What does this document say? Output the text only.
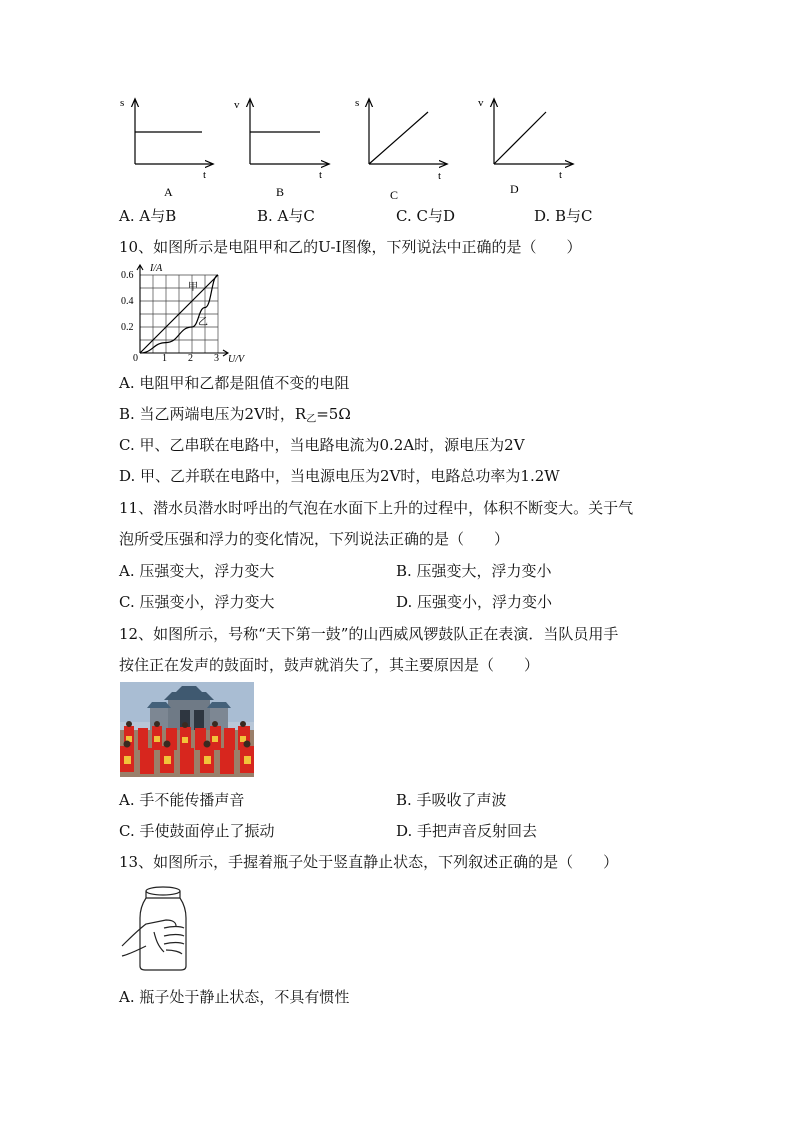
s
t
A
v
t
B
s
t
C
v
t
D
A. A与B	B. A与C	C. C与D	D. B与C
10、如图所示是电阻甲和乙的U-I图像，下列说法中正确的是（　　）
I/A
U/V
0.6
0.4
0.2
0 1 2 3
甲
乙
A. 电阻甲和乙都是阻值不变的电阻
B. 当乙两端电压为2V时，$R_乙=5\Omega$
C. 甲、乙串联在电路中，当电路电流为0.2A时，源电压为2V
D. 甲、乙并联在电路中，当电源电压为2V时，电路总功率为1.2W
11、潜水员潜水时呼出的气泡在水面下上升的过程中，体积不断变大。关于气
泡所受压强和浮力的变化情况，下列说法正确的是（　　）
A. 压强变大，浮力变大	B. 压强变大，浮力变小
C. 压强变小，浮力变大	D. 压强变小，浮力变小
12、如图所示，号称“天下第一鼓”的山西威风锣鼓队正在表演．当队员用手
按住正在发声的鼓面时，鼓声就消失了，其主要原因是（　　）
A. 手不能传播声音	B. 手吸收了声波
C. 手使鼓面停止了振动	D. 手把声音反射回去
13、如图所示，手握着瓶子处于竖直静止状态，下列叙述正确的是（　　）
A. 瓶子处于静止状态，不具有惯性
